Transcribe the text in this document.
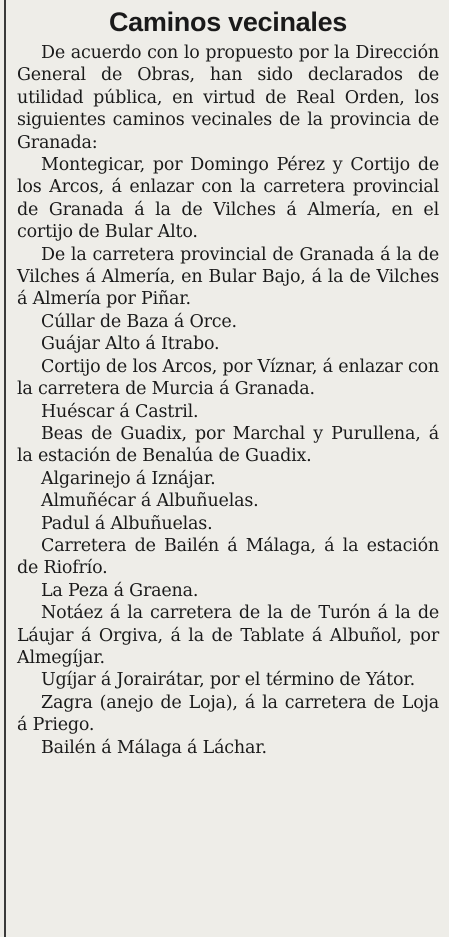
Caminos vecinales

De acuerdo con lo propuesto por la Dirección General de Obras, han sido declarados de utilidad pública, en virtud de Real Orden, los siguientes caminos vecinales de la provincia de Granada:

Montegicar, por Domingo Pérez y Cortijo de los Arcos, á enlazar con la carretera provincial de Granada á la de Vilches á Almería, en el cortijo de Bular Alto.

De la carretera provincial de Granada á la de Vilches á Almería, en Bular Bajo, á la de Vilches á Almería por Piñar.

Cúllar de Baza á Orce.

Guájar Alto á Itrabo.

Cortijo de los Arcos, por Víznar, á enlazar con la carretera de Murcia á Granada.

Huéscar á Castril.

Beas de Guadix, por Marchal y Purullena, á la estación de Benalúa de Guadix.

Algarinejo á Iznájar.

Almuñécar á Albuñuelas.

Padul á Albuñuelas.

Carretera de Bailén á Málaga, á la estación de Riofrío.

La Peza á Graena.

Notáez á la carretera de la de Turón á la de Láujar á Orgiva, á la de Tablate á Albuñol, por Almegíjar.

Ugíjar á Jorairátar, por el término de Yátor.

Zagra (anejo de Loja), á la carretera de Loja á Priego.

Bailén á Málaga á Láchar.
